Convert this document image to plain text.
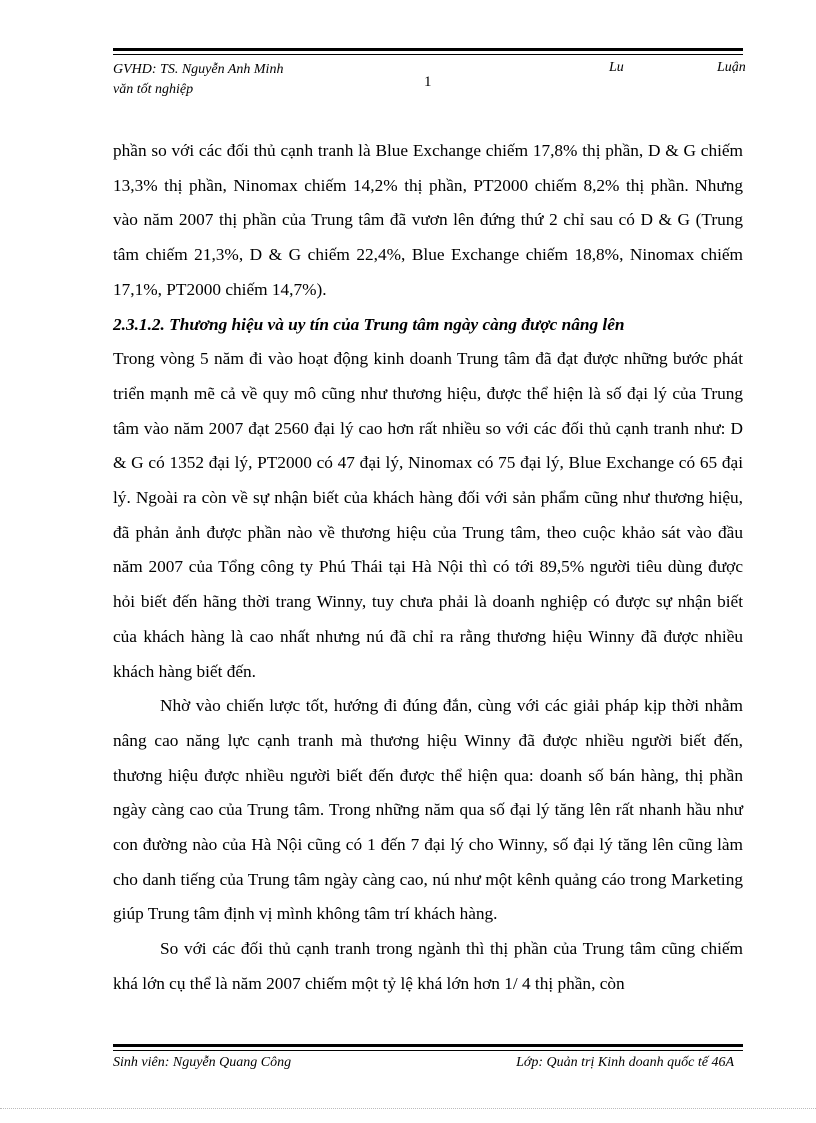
GVHD: TS. Nguyễn Anh Minh
văn tốt nghiệp	1
Lu	Luận

phần so với các đối thủ cạnh tranh là Blue Exchange chiếm 17,8% thị phần, D & G chiếm 13,3% thị phần, Ninomax chiếm 14,2% thị phần, PT2000 chiếm 8,2% thị phần. Nhưng vào năm 2007 thị phần của Trung tâm đã vươn lên đứng thứ 2 chỉ sau có D & G (Trung tâm chiếm 21,3%, D & G chiếm 22,4%, Blue Exchange chiếm 18,8%, Ninomax chiếm 17,1%, PT2000 chiếm 14,7%).

2.3.1.2. Thương hiệu và uy tín của Trung tâm ngày càng được nâng lên

Trong vòng 5 năm đi vào hoạt động kinh doanh Trung tâm đã đạt được những bước phát triển mạnh mẽ cả về quy mô cũng như thương hiệu, được thể hiện là số đại lý của Trung tâm vào năm 2007 đạt 2560 đại lý cao hơn rất nhiều so với các đối thủ cạnh tranh như: D & G có 1352 đại lý, PT2000 có 47 đại lý, Ninomax có 75 đại lý, Blue Exchange có 65 đại lý. Ngoài ra còn về sự nhận biết của khách hàng đối với sản phẩm cũng như thương hiệu, đã phản ảnh được phần nào về thương hiệu của Trung tâm, theo cuộc khảo sát vào đầu năm 2007 của Tổng công ty Phú Thái tại Hà Nội thì có tới 89,5% người tiêu dùng được hỏi biết đến hãng thời trang Winny, tuy chưa phải là doanh nghiệp có được sự nhận biết của khách hàng là cao nhất nhưng nú đã chỉ ra rằng thương hiệu Winny đã được nhiều khách hàng biết đến.

Nhờ vào chiến lược tốt, hướng đi đúng đắn, cùng với các giải pháp kịp thời nhằm nâng cao năng lực cạnh tranh mà thương hiệu Winny đã được nhiều người biết đến, thương hiệu được nhiều người biết đến được thể hiện qua: doanh số bán hàng, thị phần ngày càng cao của Trung tâm. Trong những năm qua số đại lý tăng lên rất nhanh hầu như con đường nào của Hà Nội cũng có 1 đến 7 đại lý cho Winny, số đại lý tăng lên cũng làm cho danh tiếng của Trung tâm ngày càng cao, nú như một kênh quảng cáo trong Marketing giúp Trung tâm định vị mình không tâm trí khách hàng.

So với các đối thủ cạnh tranh trong ngành thì thị phần của Trung tâm cũng chiếm khá lớn cụ thể là năm 2007 chiếm một tỷ lệ khá lớn hơn 1/ 4 thị phần, còn

Sinh viên: Nguyễn Quang Công	Lớp: Quản trị Kinh doanh quốc tế 46A
